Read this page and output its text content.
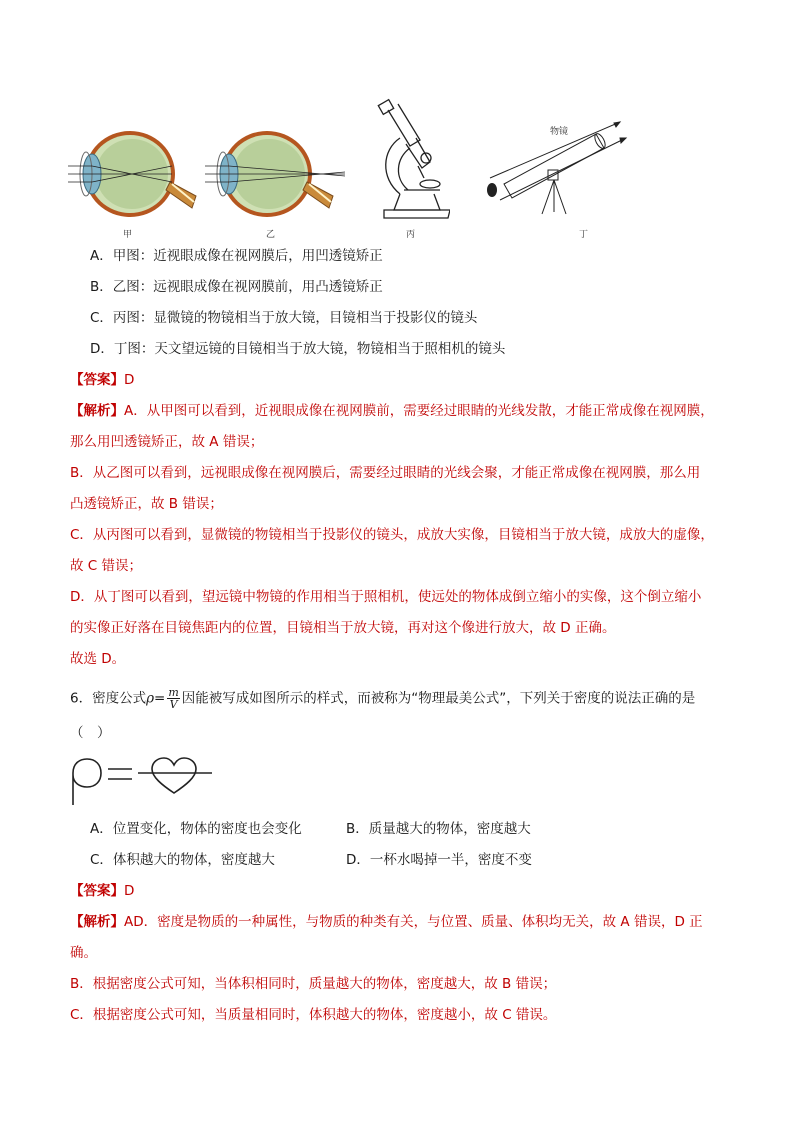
甲	乙	丙
物镜
丁
A．甲图：近视眼成像在视网膜后，用凹透镜矫正
B．乙图：远视眼成像在视网膜前，用凸透镜矫正
C．丙图：显微镜的物镜相当于放大镜，目镜相当于投影仪的镜头
D．丁图：天文望远镜的目镜相当于放大镜，物镜相当于照相机的镜头
【答案】D
【解析】A．从甲图可以看到，近视眼成像在视网膜前，需要经过眼睛的光线发散，才能正常成像在视网膜，
那么用凹透镜矫正，故 A 错误；
B．从乙图可以看到，远视眼成像在视网膜后，需要经过眼睛的光线会聚，才能正常成像在视网膜，那么用
凸透镜矫正，故 B 错误；
C．从丙图可以看到，显微镜的物镜相当于投影仪的镜头，成放大实像，目镜相当于放大镜，成放大的虚像，
故 C 错误；
D．从丁图可以看到，望远镜中物镜的作用相当于照相机，使远处的物体成倒立缩小的实像，这个倒立缩小
的实像正好落在目镜焦距内的位置，目镜相当于放大镜，再对这个像进行放大，故 D 正确。
故选 D。
6．密度公式$\rho= \frac{m}{V}$ 因能被写成如图所示的样式，而被称为“物理最美公式”，下列关于密度的说法正确的是
（　）
A．位置变化，物体的密度也会变化	B．质量越大的物体，密度越大
C．体积越大的物体，密度越大	D．一杯水喝掉一半，密度不变
【答案】D
【解析】AD．密度是物质的一种属性，与物质的种类有关，与位置、质量、体积均无关，故 A 错误，D 正
确。
B．根据密度公式可知，当体积相同时，质量越大的物体，密度越大，故 B 错误；
C．根据密度公式可知，当质量相同时，体积越大的物体，密度越小，故 C 错误。
